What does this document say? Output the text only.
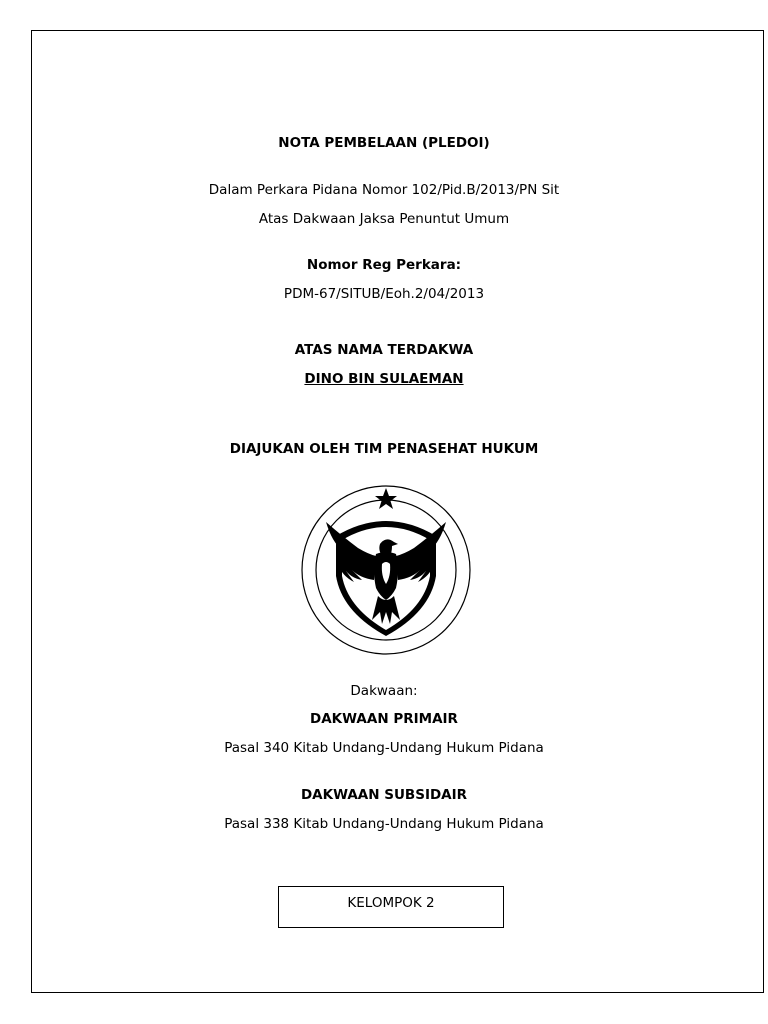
NOTA PEMBELAAN (PLEDOI)
Dalam Perkara Pidana Nomor 102/Pid.B/2013/PN Sit
Atas Dakwaan Jaksa Penuntut Umum
Nomor Reg Perkara:
PDM-67/SITUB/Eoh.2/04/2013
ATAS NAMA TERDAKWA
DINO BIN SULAEMAN
DIAJUKAN OLEH TIM PENASEHAT HUKUM
Dakwaan:
DAKWAAN PRIMAIR
Pasal 340 Kitab Undang-Undang Hukum Pidana
DAKWAAN SUBSIDAIR
Pasal 338 Kitab Undang-Undang Hukum Pidana
KELOMPOK 2
